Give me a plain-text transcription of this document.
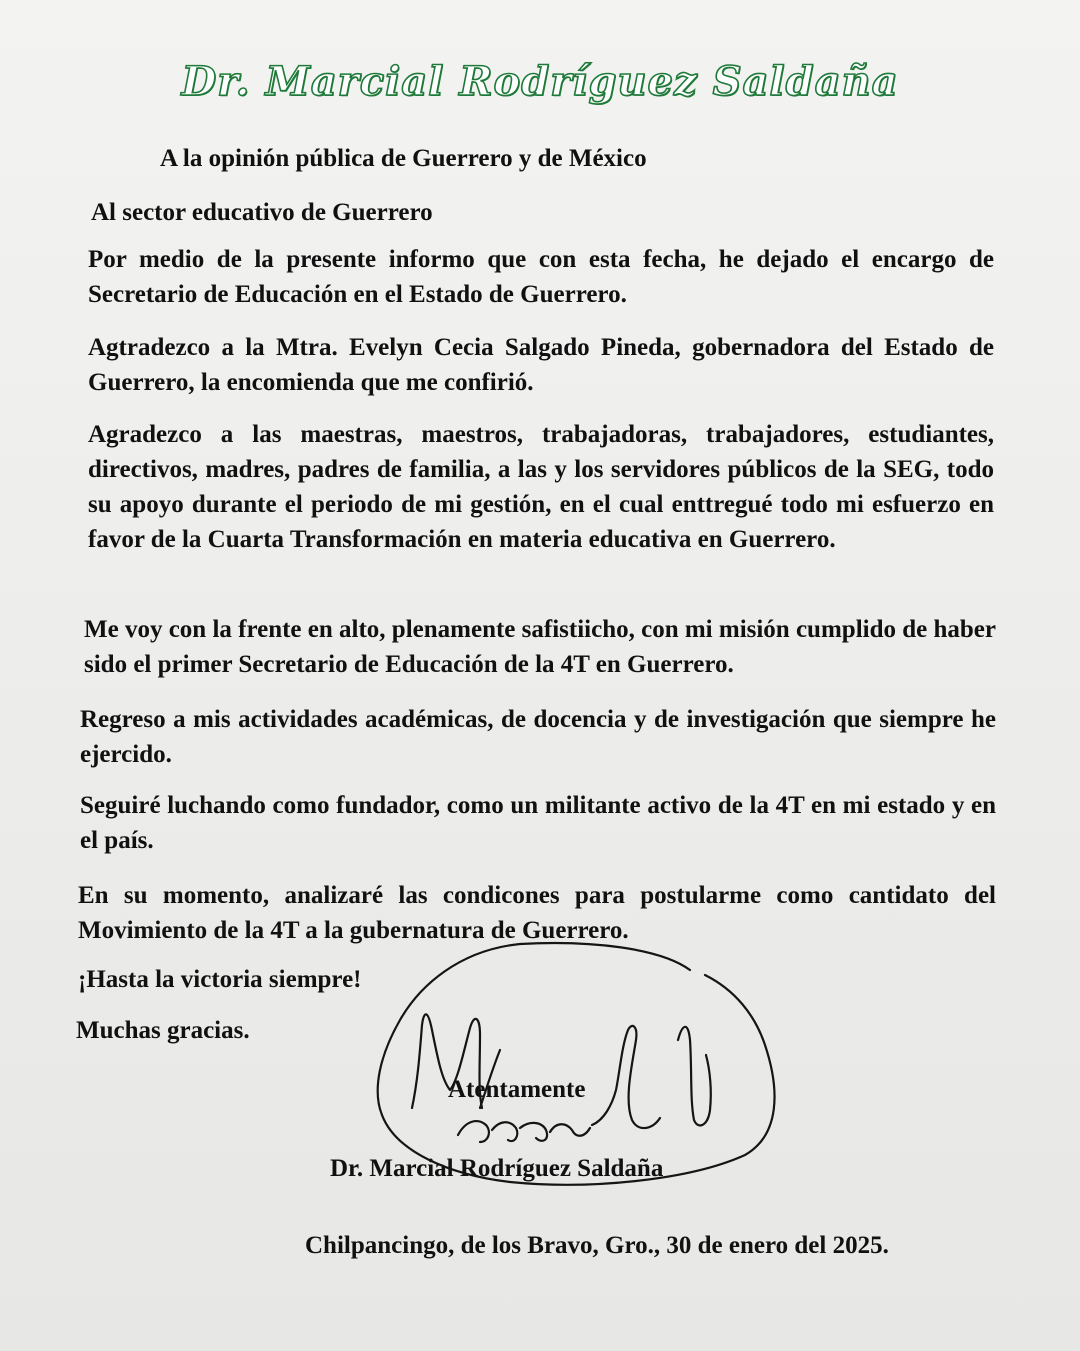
Dr. Marcial Rodríguez Saldaña
A la opinión pública de Guerrero y de México
Al sector educativo de Guerrero
Por medio de la presente informo que con esta fecha, he dejado el encargo de Secretario de Educación en el Estado de Guerrero.
Agtradezco a la Mtra. Evelyn Cecia Salgado Pineda, gobernadora del Estado de Guerrero, la encomienda que me confirió.
Agradezco a las maestras, maestros, trabajadoras, trabajadores, estudiantes, directivos, madres, padres de familia, a las y los servidores públicos de la SEG, todo su apoyo durante el periodo de mi gestión, en el cual enttregué todo mi esfuerzo en favor de la Cuarta Transformación en materia educativa en Guerrero.
Me voy con la frente en alto, plenamente safistiicho, con mi misión cumplido de haber sido el primer Secretario de Educación de la 4T en Guerrero.
Regreso a mis actividades académicas, de docencia y de investigación que siempre he ejercido.
Seguiré luchando como fundador, como un militante activo de la 4T en mi estado y en el país.
En su momento, analizaré las condicones para postularme como cantidato del Movimiento de la 4T a la gubernatura de Guerrero.
¡Hasta la victoria siempre!
Muchas gracias.
Atentamente
Dr. Marcial Rodríguez Saldaña
Chilpancingo, de los Bravo, Gro., 30 de enero del 2025.
